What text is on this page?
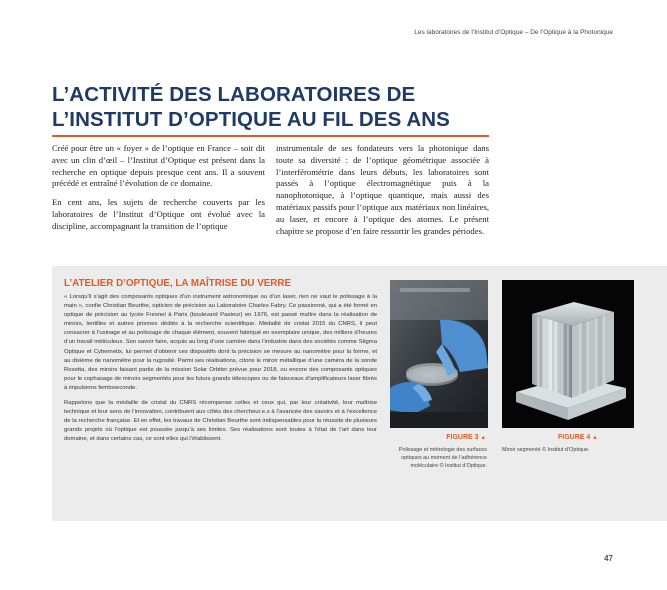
Les laboratoires de l’Institut d’Optique – De l’Optique à la Photonique
L’ACTIVITÉ DES LABORATOIRES DE L’INSTITUT D’OPTIQUE AU FIL DES ANS

Créé pour être un « foyer » de l’optique en France – soit dit avec un clin d’œil – l’Institut d’Optique est présent dans la recherche en optique depuis presque cent ans. Il a souvent précédé et entraîné l’évolution de ce domaine.

En cent ans, les sujets de recherche couverts par les laboratoires de l’Institut d’Optique ont évolué avec la discipline, accompagnant la transition de l’optique

instrumentale de ses fondateurs vers la photonique dans toute sa diversité : de l’optique géométrique associée à l’interférométrie dans leurs débuts, les laboratoires sont passés à l’optique électromagnétique puis à la nanophotonique, à l’optique quantique, mais aussi des matériaux passifs pour l’optique aux matériaux non linéaires, au laser, et encore à l’optique des atomes. Le présent chapitre se propose d’en faire ressortir les grandes périodes.

L’ATELIER D’OPTIQUE, LA MAÎTRISE DU VERRE

« Lorsqu’il s’agit des composants optiques d’un instrument astronomique ou d’un laser, rien ne vaut le polissage à la main », confie Christian Beurthe, opticien de précision au Laboratoire Charles Fabry. Ce passionné, qui a été formé en optique de précision au lycée Fresnel à Paris (boulevard Pasteur) en 1976, est passé maître dans la réalisation de miroirs, lentilles et autres prismes dédiés à la recherche scientifique. Médaillé de cristal 2015 du CNRS, il peut consacrer à l’usinage et au polissage de chaque élément, souvent fabriqué en exemplaire unique, des milliers d’heures d’un travail méticuleux. Son savoir faire, acquis au long d’une carrière dans l’industrie dans des sociétés comme Stigma Optique et Cybernetix, lui permet d’obtenir ces dispositifs dont la précision se mesure au nanomètre pour la forme, et au dixième de nanomètre pour la rugosité. Parmi ses réalisations, citons le miroir métallique d’une caméra de la sonde Rosetta, des miroirs faisant partie de la mission Solar Orbiter prévue pour 2018, ou encore des composants optiques pour le cophasage de miroirs segmentés pour les futurs grands télescopes ou de faisceaux d’amplificateurs laser fibrés à impulsions femtoseconde.

Rappelons que la médaille de cristal du CNRS récompense celles et ceux qui, par leur créativité, leur maîtrise technique et leur sens de l’innovation, contribuent aux côtés des chercheur.e.s à l’avancée des savoirs et à l’excellence de la recherche française. Et en effet, les travaux de Christian Beurthe sont indispensables pour la réussite de plusieurs grands projets où l’optique est poussée jusqu’à ses limites. Ses réalisations sont toutes à l’état de l’art dans leur domaine, et dans certains cas, ce sont elles qui l’établissent.	FIGURE 3 ▲
Polissage et métrologie des surfaces optiques au moment de l’adhérence moléculaire © Institut d’Optique.
FIGURE 4 ▲
Miroir segmenté © Institut d’Optique.
47
